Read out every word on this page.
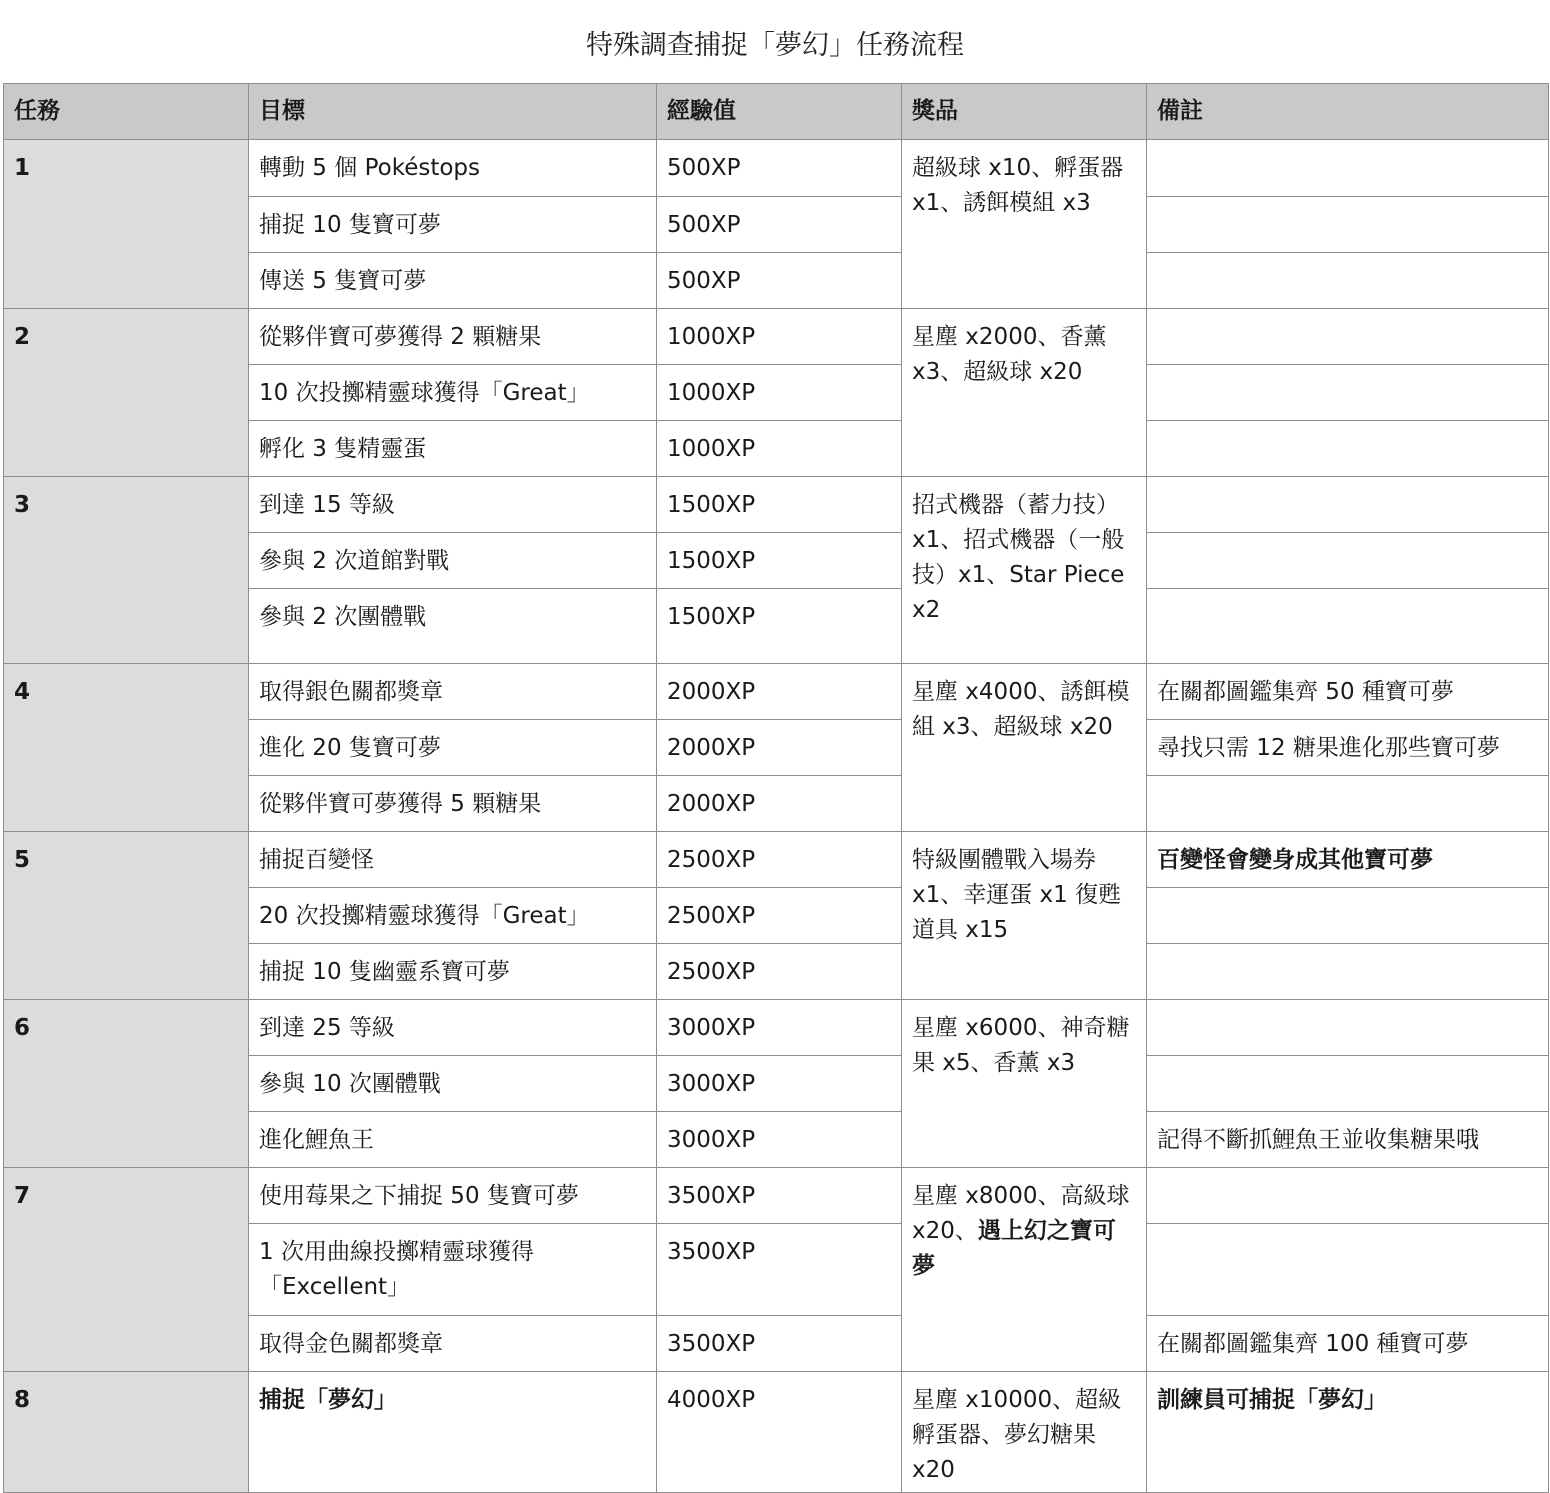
特殊調查捕捉「夢幻」任務流程
任務	目標	經驗值	獎品	備註
1	轉動 5 個 Pokéstops	500XP	超級球 x10、孵蛋器 x1、誘餌模組 x3	
	捕捉 10 隻寶可夢	500XP		
	傳送 5 隻寶可夢	500XP		
2	從夥伴寶可夢獲得 2 顆糖果	1000XP	星塵 x2000、香薰 x3、超級球 x20	
	10 次投擲精靈球獲得「Great」	1000XP		
	孵化 3 隻精靈蛋	1000XP		
3	到達 15 等級	1500XP	招式機器（蓄力技）x1、招式機器（一般技）x1、Star Piece x2	
	參與 2 次道館對戰	1500XP		
	參與 2 次團體戰	1500XP		
4	取得銀色關都獎章	2000XP	星塵 x4000、誘餌模組 x3、超級球 x20	在關都圖鑑集齊 50 種寶可夢
	進化 20 隻寶可夢	2000XP		尋找只需 12 糖果進化那些寶可夢
	從夥伴寶可夢獲得 5 顆糖果	2000XP		
5	捕捉百變怪	2500XP	特級團體戰入場券 x1、幸運蛋 x1 復甦道具 x15	百變怪會變身成其他寶可夢
	20 次投擲精靈球獲得「Great」	2500XP		
	捕捉 10 隻幽靈系寶可夢	2500XP		
6	到達 25 等級	3000XP	星塵 x6000、神奇糖果 x5、香薰 x3	
	參與 10 次團體戰	3000XP		
	進化鯉魚王	3000XP		記得不斷抓鯉魚王並收集糖果哦
7	使用莓果之下捕捉 50 隻寶可夢	3500XP	星塵 x8000、高級球 x20、遇上幻之寶可夢	
	1 次用曲線投擲精靈球獲得「Excellent」	3500XP		
	取得金色關都獎章	3500XP		在關都圖鑑集齊 100 種寶可夢
8	捕捉「夢幻」	4000XP	星塵 x10000、超級孵蛋器、夢幻糖果 x20	訓練員可捕捉「夢幻」
